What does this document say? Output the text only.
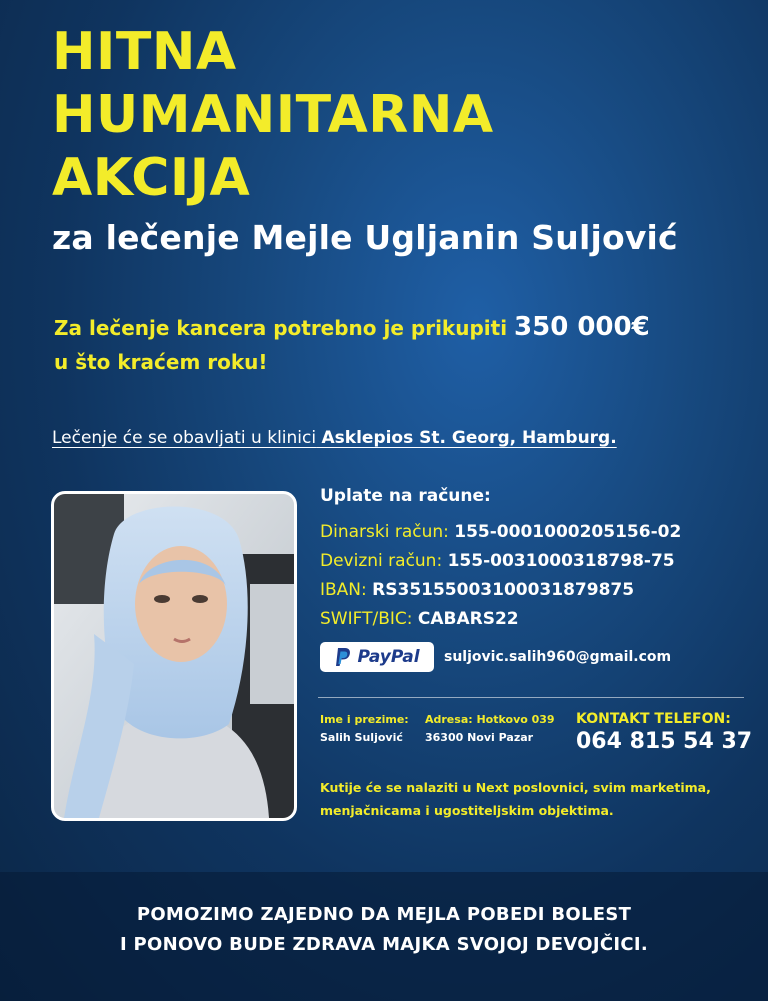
HITNA
HUMANITARNA
AKCIJA
za lečenje Mejle Ugljanin Suljović
Za lečenje kancera potrebno je prikupiti 350 000€
u što kraćem roku!
Lečenje će se obavljati u klinici Asklepios St. Georg, Hamburg.

Uplate na račune:

Dinarski račun: 155-0001000205156-02
Devizni račun: 155-0031000318798-75
IBAN: RS35155003100031879875
SWIFT/BIC: CABARS22
PayPal suljovic.salih960@gmail.com
Ime i prezime:
Salih Suljović
Adresa: Hotkovo 039
36300 Novi Pazar
KONTAKT TELEFON:
064 815 54 37
Kutije će se nalaziti u Next poslovnici, svim marketima, menjačnicama i ugostiteljskim objektima.
POMOZIMO ZAJEDNO DA MEJLA POBEDI BOLEST
I PONOVO BUDE ZDRAVA MAJKA SVOJOJ DEVOJČICI.
